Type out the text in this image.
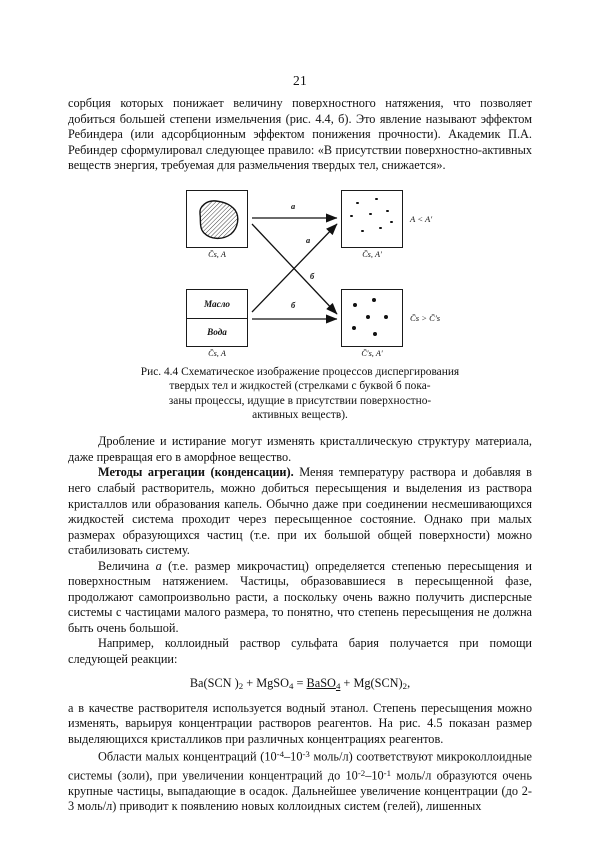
21

сорбция которых понижает величину поверхностного натяжения, что позволяет добиться большей степени измельчения (рис. 4.4, б). Это явление называют эффектом Ребиндера (или адсорбционным эффектом понижения прочности). Академик П.А. Ребиндер сформулировал следующее правило: «В присутствии поверхностно-активных веществ энергия, требуемая для размельчения твердых тел, снижается».

C̄ѕ, A	C̄ѕ, A′
A < A′
Масло
Вода
C̄ѕ, A	C̄′ѕ, A′
C̄ѕ > C̄′ѕ
а
а
б
б
Рис. 4.4 Схематическое изображение процессов диспергирования
твердых тел и жидкостей (стрелками с буквой б пока-
заны процессы, идущие в присутствии поверхностно-
активных веществ).

Дробление и истирание могут изменять кристаллическую структуру материала, даже превращая его в аморфное вещество.

Методы агрегации (конденсации). Меняя температуру раствора и добавляя в него слабый растворитель, можно добиться пересыщения и выделения из раствора кристаллов или образования капель. Обычно даже при соединении несмешивающихся жидкостей система проходит через пересыщенное состояние. Однако при малых размерах образующихся частиц (т.е. при их большой общей поверхности) можно стабилизовать систему.

Величина а (т.е. размер микрочастиц) определяется степенью пересыщения и поверхностным натяжением. Частицы, образовавшиеся в пересыщенной фазе, продолжают самопроизвольно расти, а поскольку очень важно получить дисперсные системы с частицами малого размера, то понятно, что степень пересыщения не должна быть очень большой.

Например, коллоидный раствор сульфата бария получается при помощи следующей реакции:

Ba(SCN )$_2$ + MgSO$_4$ = BaSO$_4$ + $Mg(SCN)_2$,

а в качестве растворителя используется водный этанол. Степень пересыщения можно изменять, варьируя концентрации растворов реагентов. На рис. 4.5 показан размер выделяющихся кристалликов при различных концентрациях реагентов.

Области малых концентраций ($10^{-4}-10^{-3}$ моль/л) соответствуют микроколлоидные системы (золи), при увеличении концентраций до $10^{-2}-10^{-1}$ моль/л образуются очень крупные частицы, выпадающие в осадок. Дальнейшее увеличение концентрации (до 2-3 моль/л) приводит к появлению новых коллоидных систем (гелей), лишенных
